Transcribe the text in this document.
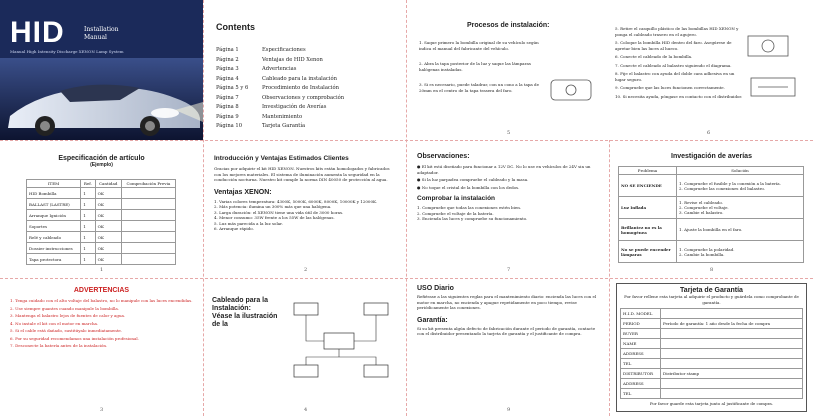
HID	Installation
Manual
Manual High Intensity Discharge XENON Lamp System
Contents
Página 1	Especificaciones
Página 2	Ventajas de HID Xenon
Página 3	Advertencias
Página 4	Cableado para la instalación
Página 5 y 6	Procedimiento de Instalación
Página 7	Observaciones y comprobación
Página 8	Investigación de Averías
Página 9	Mantenimiento
Página 10	Tarjeta Garantía
Procesos de instalación:
1. Saque primero la bombilla original de su vehículo según indica el manual del fabricante del vehículo.
2. Abra la tapa posterior de la luz y saque las lámparas halógenas instaladas.
3. Si es necesario, puede taladrar, con un cono a la tapa de 20mm en el centro de la tapa trasera del faro.
5. Retire el casquillo plástico de las bombillas HID XENON y ponga el cableado trasero en el agujero.
5. Coloque la bombilla HID dentro del faro. Asegúrese de apretar bien las luces al hueco.
6. Conecte el cableado de la bombilla.
7. Conecte el cableado al balastro siguiendo el diagrama.
8. Fije el balastro con ayuda del doble cara adhesiva en un lugar seguro.
9. Compruebe que las luces funcionen correctamente.
10. Si necesita ayuda, póngase en contacto con el distribuidor.
5	6
Especificación de artículo
(Ejemplo)
ITEM	Ref.	Cantidad	Comprobación Previa
HID Bombilla	1	OK	
BALLAST (LASTRE)	1	OK	
Arranque Ignición	1	OK	
Soportes	1	OK	
Relé y cableado	1	OK	
Dossier instrucciones	1	OK	
Tapa protectora	1	OK	
1
Introducción y Ventajas Estimados Clientes
Gracias por adquirir el kit HID XENON. Nuestros kits están homologados y fabricados con los mejores materiales. El sistema de iluminación aumenta la seguridad en la conducción nocturna. Nuestro kit cumple la norma DIN 40050 de protección al agua.
Ventajas XENON:
1. Varias colores temperatura: 4300K, 5000K, 6000K, 8000K, 10000K y 12000K.
2. Más potencia: ilumina un 300% más que una halógena.
3. Larga duración: el XENON tiene una vida útil de 3000 horas.
4. Menor consumo: 35W frente a los 55W de las halógenas.
5. Luz más parecida a la luz solar.
6. Arranque rápido.
2
Observaciones:
● El kit está diseñado para funcionar a 12V DC. No lo use en vehículos de 24V sin un adaptador.
● Si la luz parpadea compruebe el cableado y la masa.
● No toque el cristal de la bombilla con los dedos.
Comprobar la instalación
1. Compruebe que todas las conexiones estén bien.
2. Compruebe el voltaje de la batería.
3. Encienda las luces y compruebe su funcionamiento.
7
Investigación de averías
Problema	Solución
NO SE ENCIENDE	1. Compruebe el fusible y la conexión a la batería.
2. Compruebe las conexiones del balastro.
Luz Inflada	1. Revise el cableado.
2. Compruebe el voltaje.
3. Cambie el balastro.
Brillantez no es la homogénea	1. Ajuste la bombilla en el faro.
No se puede encender lámparas	1. Compruebe la polaridad.
2. Cambie la bombilla.
8
ADVERTENCIAS
1. Tenga cuidado con el alto voltaje del balastro, no lo manipule con las luces encendidas.
2. Use siempre guantes cuando manipule la bombilla.
3. Mantenga el balastro lejos de fuentes de calor y agua.
4. No instale el kit con el motor en marcha.
5. Si el cable está dañado, sustitúyalo inmediatamente.
6. Por su seguridad recomendamos una instalación profesional.
7. Desconecte la batería antes de la instalación.
3
Cableado para la Instalación:
Véase la ilustración de la
4
USO Diario
Refiérase a las siguientes reglas para el mantenimiento diario: encienda las luces con el motor en marcha, no encienda y apague repetidamente en poco tiempo, revise periódicamente las conexiones.
Garantía:
Si su kit presenta algún defecto de fabricación durante el periodo de garantía, contacte con el distribuidor presentando la tarjeta de garantía y el justificante de compra.
9
Tarjeta de Garantía
Por favor rellene esta tarjeta al adquirir el producto y guárdela como comprobante de garantía.
H.I.D. MODEL	
PERIOD	Período de garantía: 1 año desde la fecha de compra
BUYER	
NAME	
ADDRESS	
TEL	
DISTRIBUTOR	Distributor stamp
ADDRESS	
TEL	
Por favor guarde esta tarjeta junto al justificante de compra.
